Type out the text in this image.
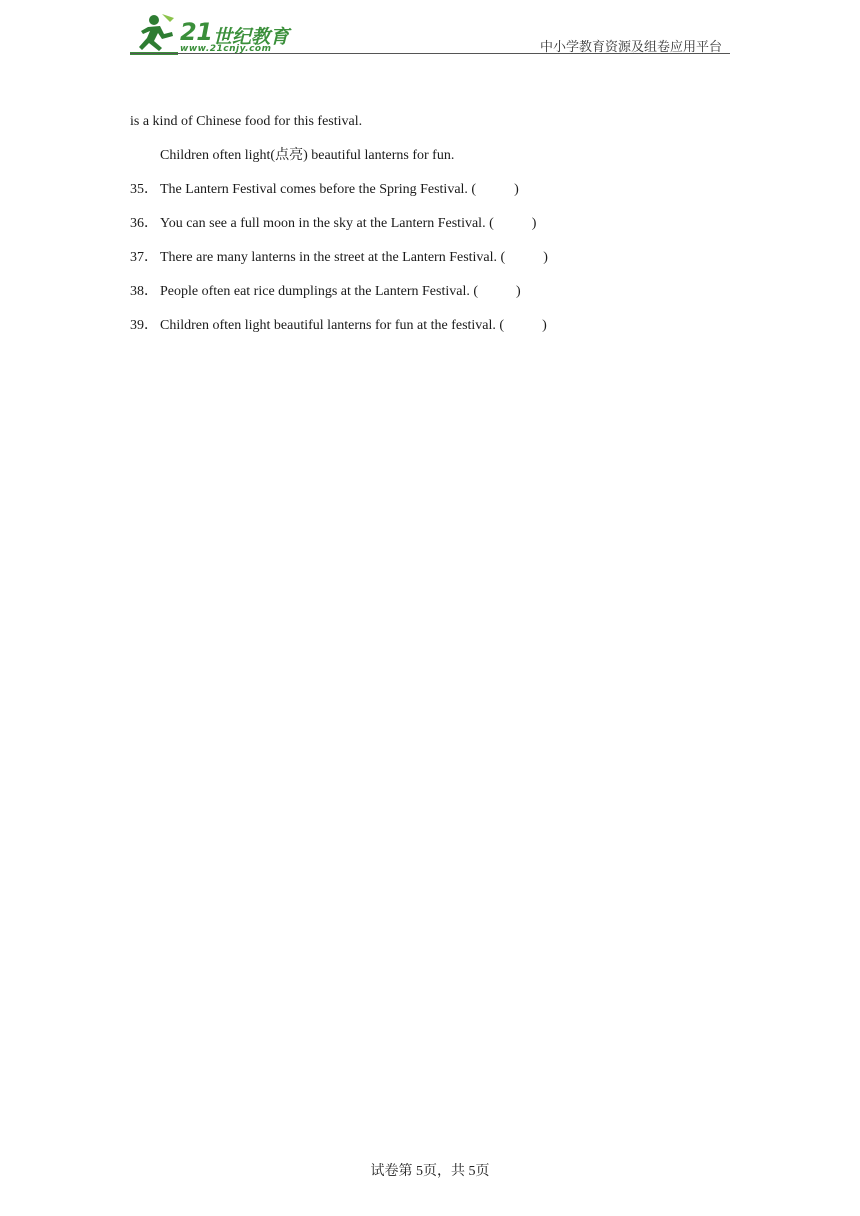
21 世纪教育
www.21cnjy.com	中小学教育资源及组卷应用平台
is a kind of Chinese food for this festival.
Children often light(点亮) beautiful lanterns for fun.
35． The Lantern Festival comes before the Spring Festival. (	)
36． You can see a full moon in the sky at the Lantern Festival. (	)
37． There are many lanterns in the street at the Lantern Festival. (	)
38． People often eat rice dumplings at the Lantern Festival. (	)
39． Children often light beautiful lanterns for fun at the festival. (	)
试卷第 5页，共 5页
